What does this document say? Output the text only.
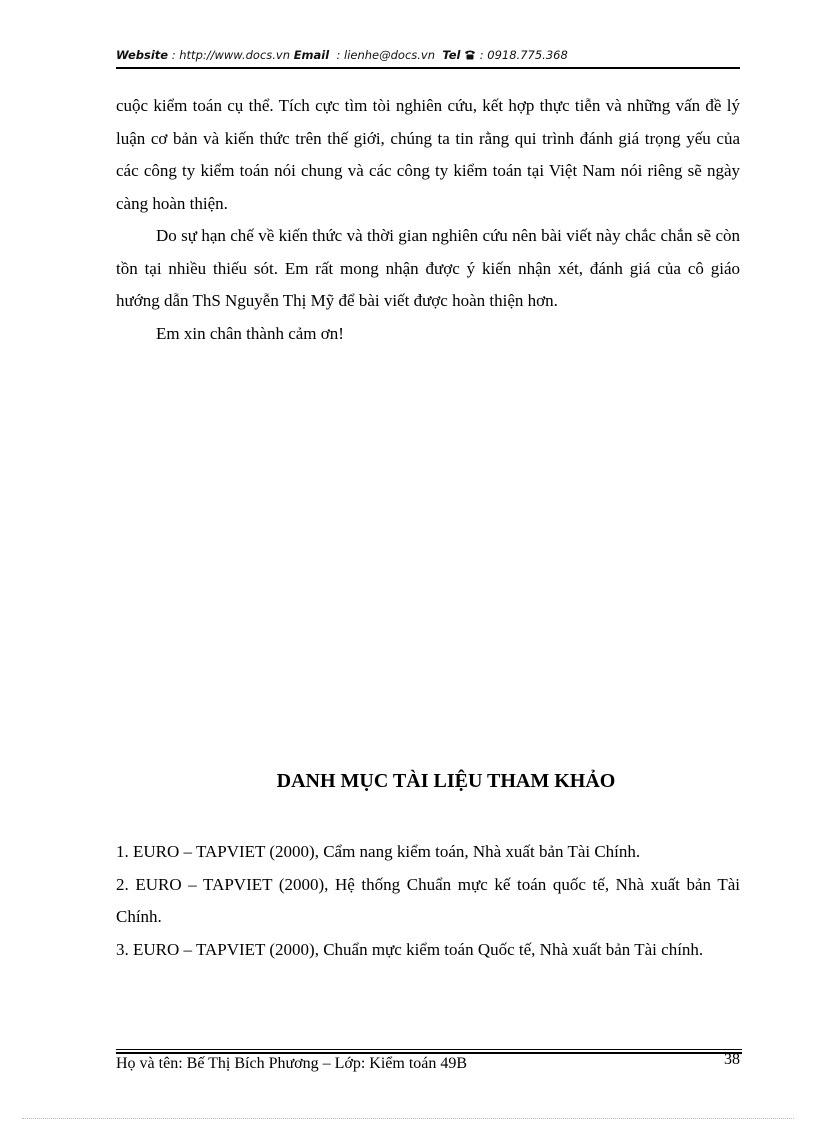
Website : http://www.docs.vn Email  : lienhe@docs.vn  Tel  : 0918.775.368

cuộc kiểm toán cụ thể. Tích cực tìm tòi nghiên cứu, kết hợp thực tiễn và những vấn đề lý luận cơ bản và kiến thức trên thế giới, chúng ta tin rằng qui trình đánh giá trọng yếu của các công ty kiểm toán nói chung và các công ty kiểm toán tại Việt Nam nói riêng sẽ ngày càng hoàn thiện.

Do sự hạn chế về kiến thức và thời gian nghiên cứu nên bài viết này chắc chắn sẽ còn tồn tại nhiều thiếu sót. Em rất mong nhận được ý kiến nhận xét, đánh giá của cô giáo hướng dẫn ThS Nguyễn Thị Mỹ để bài viết được hoàn thiện hơn.

Em xin chân thành cảm ơn!

DANH MỤC TÀI LIỆU THAM KHẢO

1. EURO – TAPVIET (2000), Cẩm nang kiểm toán, Nhà xuất bản Tài Chính.

2. EURO – TAPVIET (2000), Hệ thống Chuẩn mực kế toán quốc tế, Nhà xuất bản Tài Chính.

3. EURO – TAPVIET (2000), Chuẩn mực kiểm toán Quốc tế, Nhà xuất bản Tài chính.

Họ và tên: Bế Thị Bích Phương – Lớp: Kiểm toán 49B	38
